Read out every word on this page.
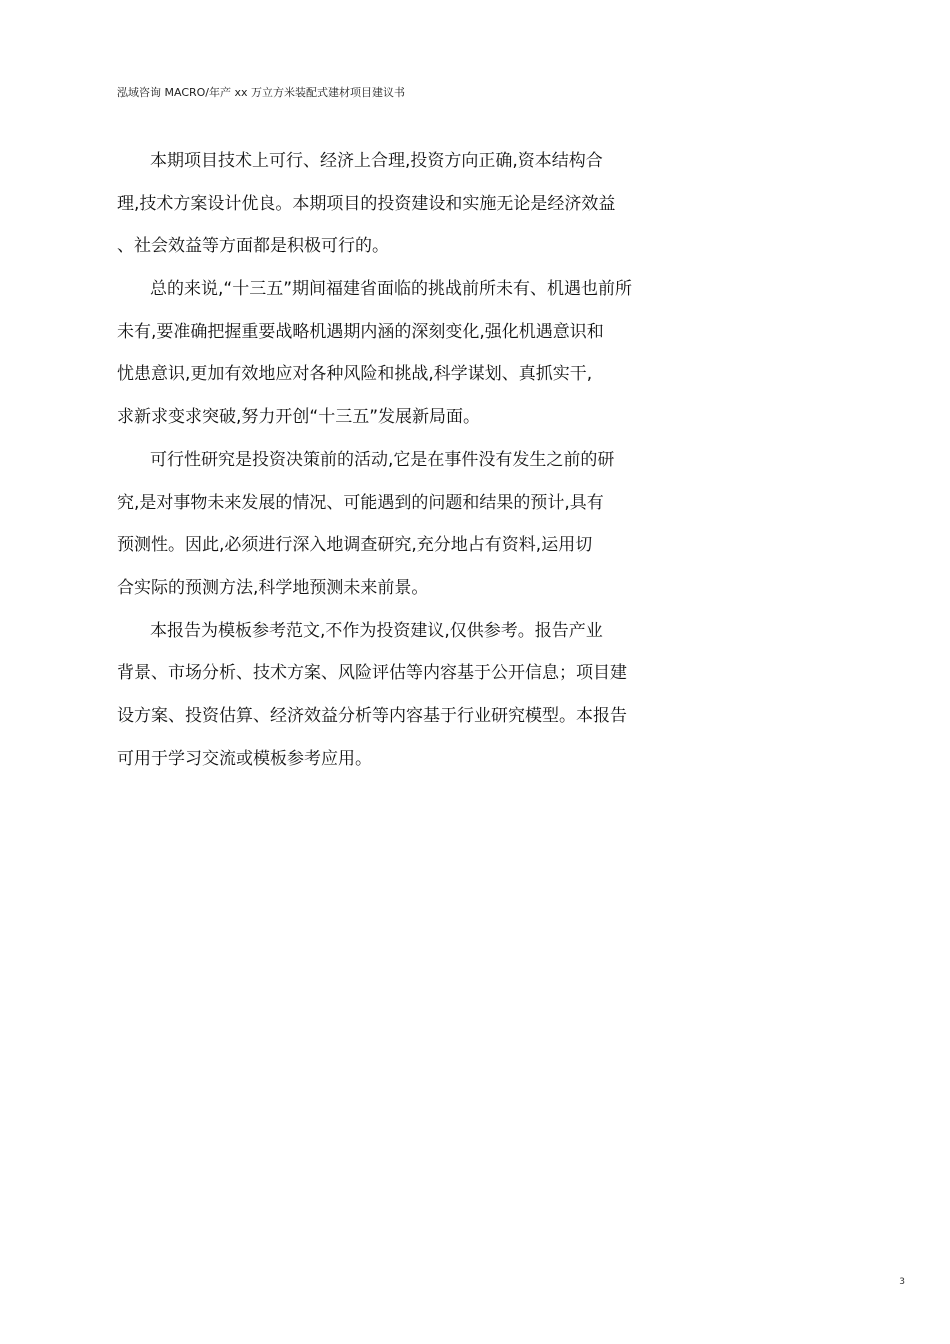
泓域咨询 MACRO/年产 xx 万立方米装配式建材项目建议书
本期项目技术上可行、经济上合理,投资方向正确,资本结构合
理,技术方案设计优良。本期项目的投资建设和实施无论是经济效益
、社会效益等方面都是积极可行的。
总的来说,“十三五”期间福建省面临的挑战前所未有、机遇也前所
未有,要准确把握重要战略机遇期内涵的深刻变化,强化机遇意识和
忧患意识,更加有效地应对各种风险和挑战,科学谋划、真抓实干,
求新求变求突破,努力开创“十三五”发展新局面。
可行性研究是投资决策前的活动,它是在事件没有发生之前的研
究,是对事物未来发展的情况、可能遇到的问题和结果的预计,具有
预测性。因此,必须进行深入地调查研究,充分地占有资料,运用切
合实际的预测方法,科学地预测未来前景。
本报告为模板参考范文,不作为投资建议,仅供参考。报告产业
背景、市场分析、技术方案、风险评估等内容基于公开信息；项目建
设方案、投资估算、经济效益分析等内容基于行业研究模型。本报告
可用于学习交流或模板参考应用。
3
